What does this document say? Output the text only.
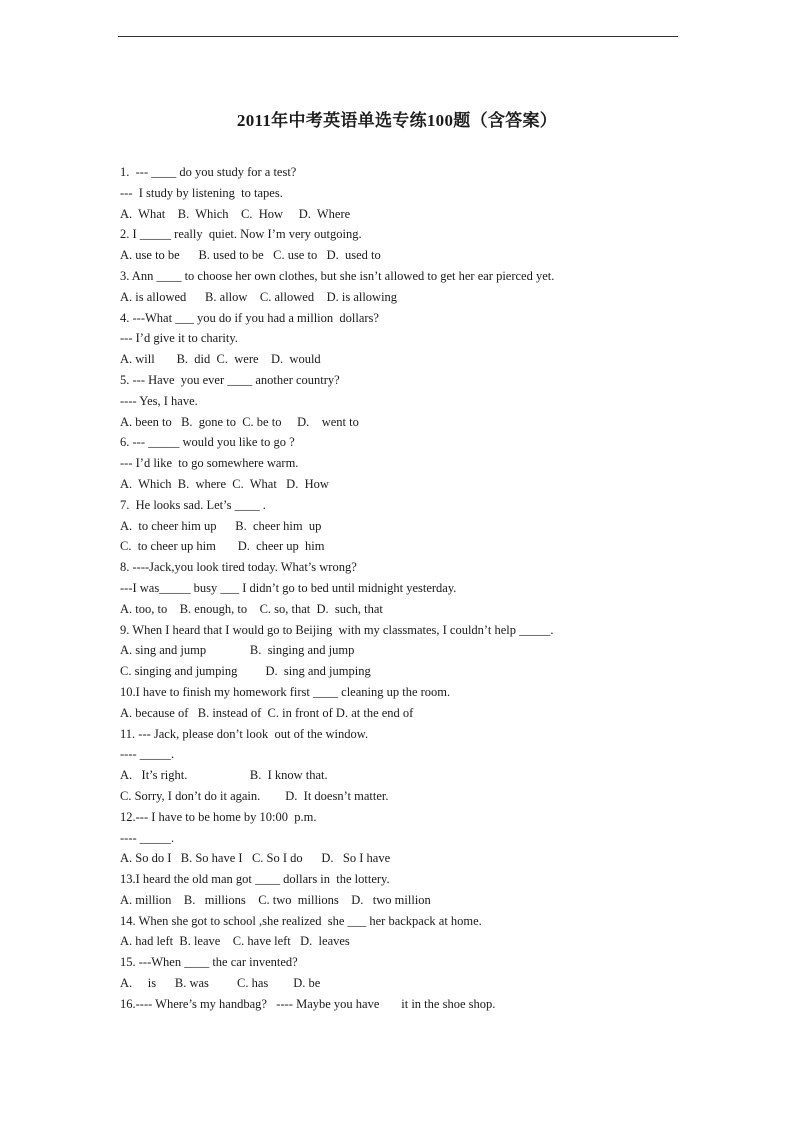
2011年中考英语单选专练100题（含答案）
1.  --- ____ do you study for a test?
---  I study by listening  to tapes.
A.  What    B.  Which    C.  How     D.  Where
2. I _____ really  quiet. Now I’m very outgoing.
A. use to be      B. used to be   C. use to   D.  used to
3. Ann ____ to choose her own clothes, but she isn’t allowed to get her ear pierced yet.
A. is allowed      B. allow    C. allowed    D. is allowing
4. ---What ___ you do if you had a million  dollars?
--- I’d give it to charity.
A. will       B.  did  C.  were    D.  would
5. --- Have  you ever ____ another country?
---- Yes, I have.
A. been to   B.  gone to  C. be to     D.    went to
6. --- _____ would you like to go ?
--- I’d like  to go somewhere warm.
A.  Which  B.  where  C.  What   D.  How
7.  He looks sad. Let’s ____ .
A.  to cheer him up      B.  cheer him  up
C.  to cheer up him       D.  cheer up  him
8. ----Jack,you look tired today. What’s wrong?
---I was_____ busy ___ I didn’t go to bed until midnight yesterday.
A. too, to    B. enough, to    C. so, that  D.  such, that
9. When I heard that I would go to Beijing  with my classmates, I couldn’t help _____.
A. sing and jump              B.  singing and jump
C. singing and jumping         D.  sing and jumping
10.I have to finish my homework first ____ cleaning up the room.
A. because of   B. instead of  C. in front of D. at the end of
11. --- Jack, please don’t look  out of the window.
---- _____.
A.   It’s right.                    B.  I know that.
C. Sorry, I don’t do it again.        D.  It doesn’t matter.
12.--- I have to be home by 10:00  p.m.
---- _____.
A. So do I   B. So have I   C. So I do      D.   So I have
13.I heard the old man got ____ dollars in  the lottery.
A. million    B.   millions    C. two  millions    D.   two million
14. When she got to school ,she realized  she ___ her backpack at home.
A. had left  B. leave    C. have left   D.  leaves
15. ---When ____ the car invented?
A.     is      B. was         C. has        D. be
16.---- Where’s my handbag?   ---- Maybe you have       it in the shoe shop.
